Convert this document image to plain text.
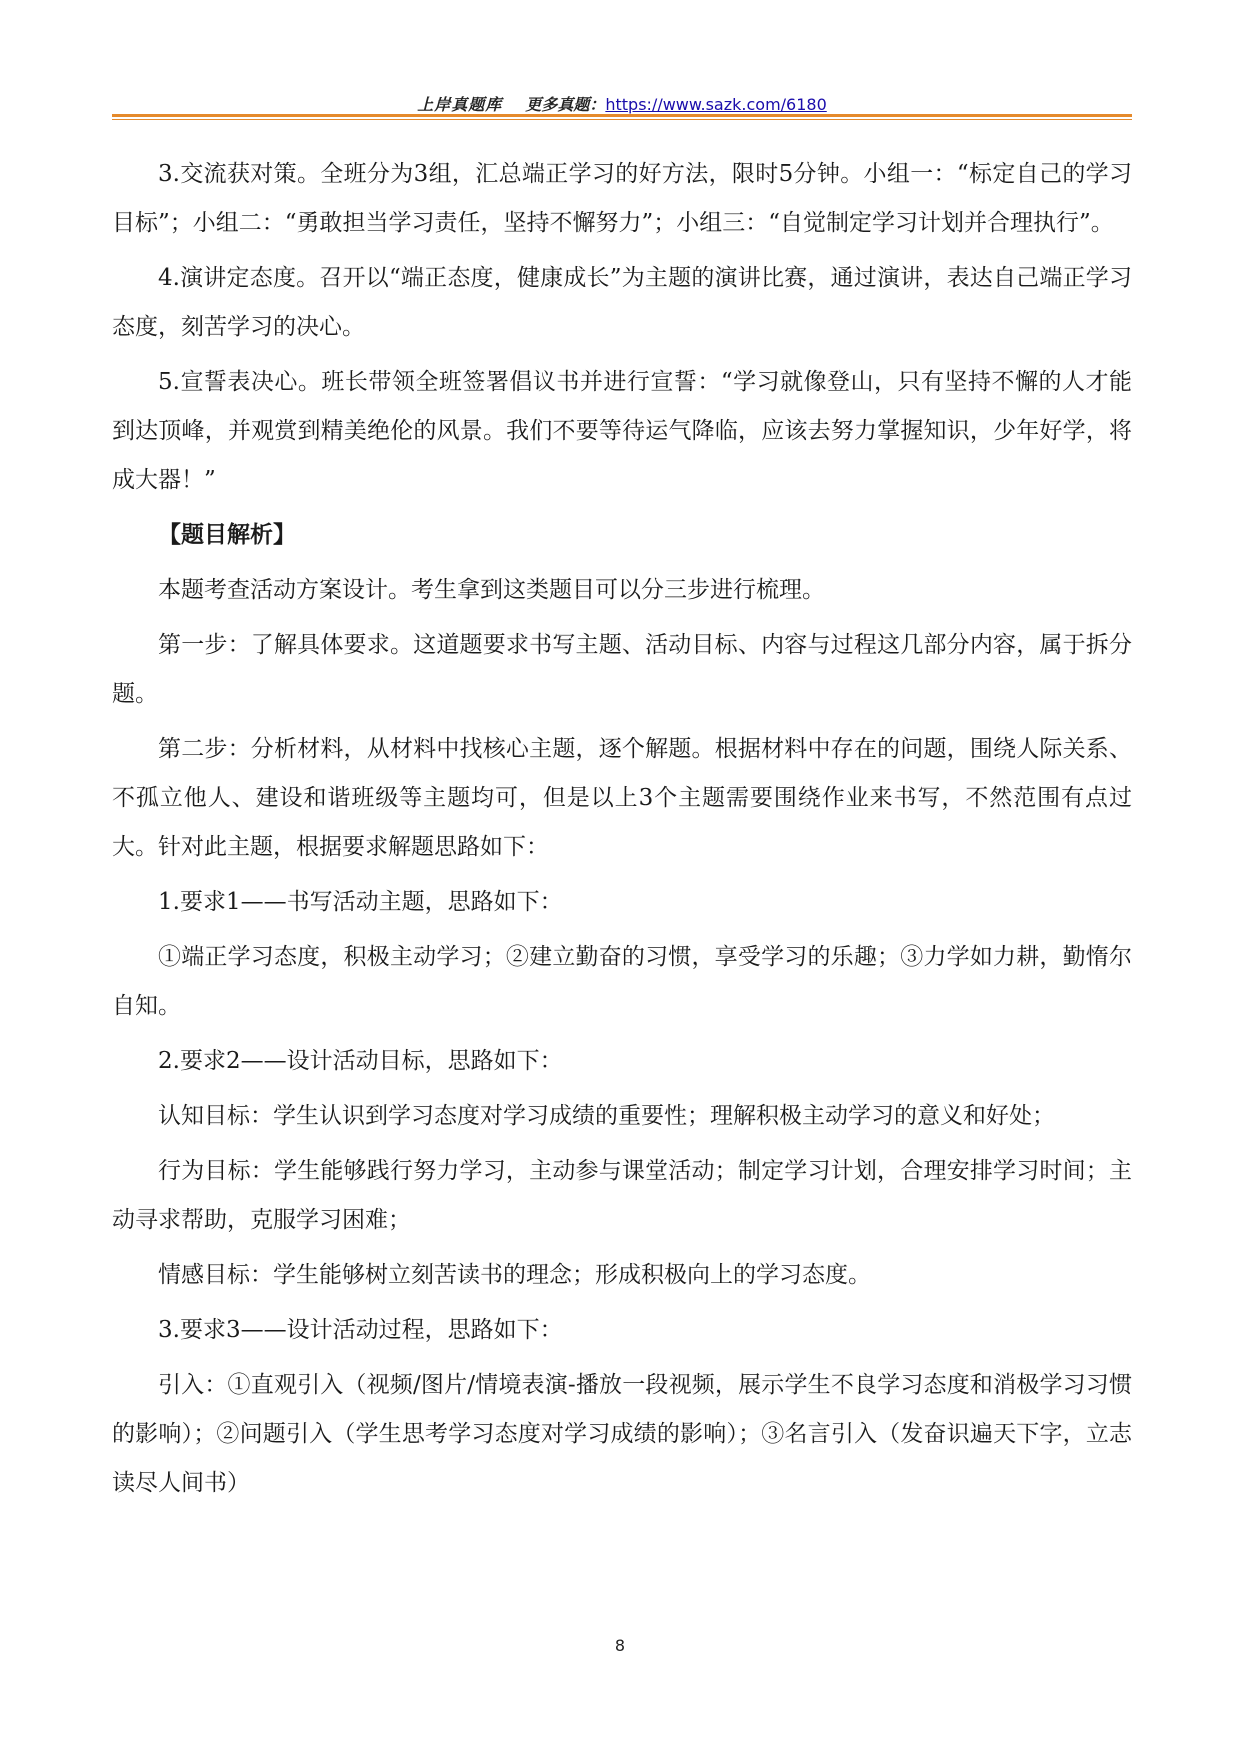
上岸真题库 更多真题：https://www.sazk.com/6180

3.交流获对策。全班分为3组，汇总端正学习的好方法，限时5分钟。小组一：“标定自己的学习目标”；小组二：“勇敢担当学习责任，坚持不懈努力”；小组三：“自觉制定学习计划并合理执行”。

4.演讲定态度。召开以“端正态度，健康成长”为主题的演讲比赛，通过演讲，表达自己端正学习态度，刻苦学习的决心。

5.宣誓表决心。班长带领全班签署倡议书并进行宣誓：“学习就像登山，只有坚持不懈的人才能到达顶峰，并观赏到精美绝伦的风景。我们不要等待运气降临，应该去努力掌握知识，少年好学，将成大器！”

【题目解析】

本题考查活动方案设计。考生拿到这类题目可以分三步进行梳理。

第一步：了解具体要求。这道题要求书写主题、活动目标、内容与过程这几部分内容，属于拆分题。

第二步：分析材料，从材料中找核心主题，逐个解题。根据材料中存在的问题，围绕人际关系、不孤立他人、建设和谐班级等主题均可，但是以上3个主题需要围绕作业来书写，不然范围有点过大。针对此主题，根据要求解题思路如下：

1.要求1——书写活动主题，思路如下：

①端正学习态度，积极主动学习；②建立勤奋的习惯，享受学习的乐趣；③力学如力耕，勤惰尔自知。

2.要求2——设计活动目标，思路如下：

认知目标：学生认识到学习态度对学习成绩的重要性；理解积极主动学习的意义和好处；

行为目标：学生能够践行努力学习，主动参与课堂活动；制定学习计划，合理安排学习时间；主动寻求帮助，克服学习困难；

情感目标：学生能够树立刻苦读书的理念；形成积极向上的学习态度。

3.要求3——设计活动过程，思路如下：

引入：①直观引入（视频/图片/情境表演-播放一段视频，展示学生不良学习态度和消极学习习惯的影响）；②问题引入（学生思考学习态度对学习成绩的影响）；③名言引入（发奋识遍天下字，立志读尽人间书）

8
